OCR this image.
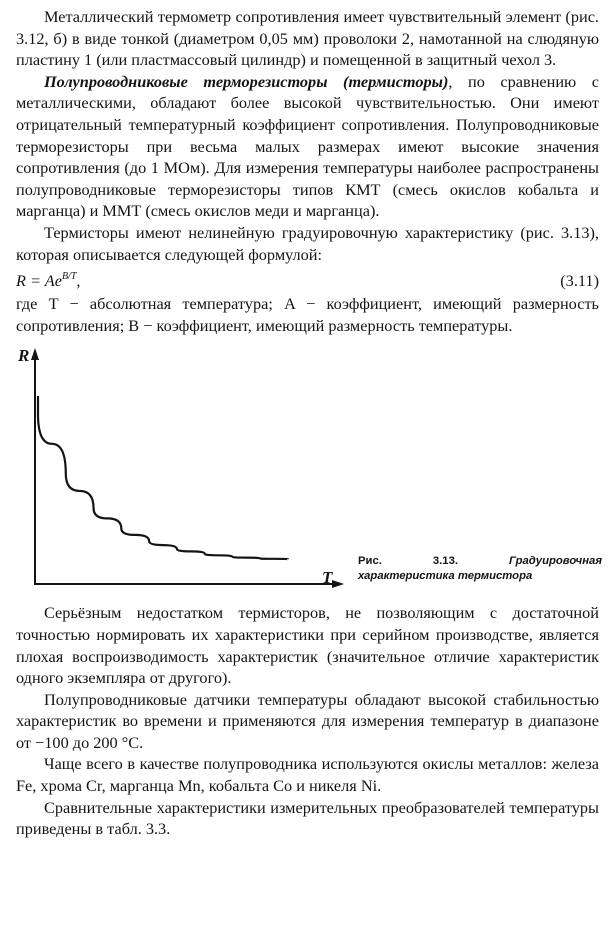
Металлический термометр сопротивления имеет чувствительный элемент (рис. 3.12, б) в виде тонкой (диаметром 0,05 мм) проволоки 2, намотанной на слюдяную пластину 1 (или пластмассовый цилиндр) и помещенной в защитный чехол 3.

Полупроводниковые терморезисторы (термисторы), по сравнению с металлическими, обладают более высокой чувствительностью. Они имеют отрицательный температурный коэффициент сопротивления. Полупроводниковые терморезисторы при весьма малых размерах имеют высокие значения сопротивления (до 1 МОм). Для измерения температуры наиболее распространены полупроводниковые терморезисторы типов КМТ (смесь окислов кобальта и марганца) и ММТ (смесь окислов меди и марганца).

Термисторы имеют нелинейную градуировочную характеристику (рис. 3.13), которая описывается следующей формулой:

$R = Ae^{B/T}$,	(3.11)

где T − абсолютная температура; A − коэффициент, имеющий размерность сопротивления; B − коэффициент, имеющий размерность температуры.

R
T
Рис. 3.13.	Градуировочная характеристика термистора

Серьёзным недостатком термисторов, не позволяющим с достаточной точностью нормировать их характеристики при серийном производстве, является плохая воспроизводимость характеристик (значительное отличие характеристик одного экземпляра от другого).

Полупроводниковые датчики температуры обладают высокой стабильностью характеристик во времени и применяются для измерения температур в диапазоне от −100 до 200 °С.

Чаще всего в качестве полупроводника используются окислы металлов: железа Fe, хрома Cr, марганца Mn, кобальта Co и никеля Ni.

Сравнительные характеристики измерительных преобразователей температуры приведены в табл. 3.3.
